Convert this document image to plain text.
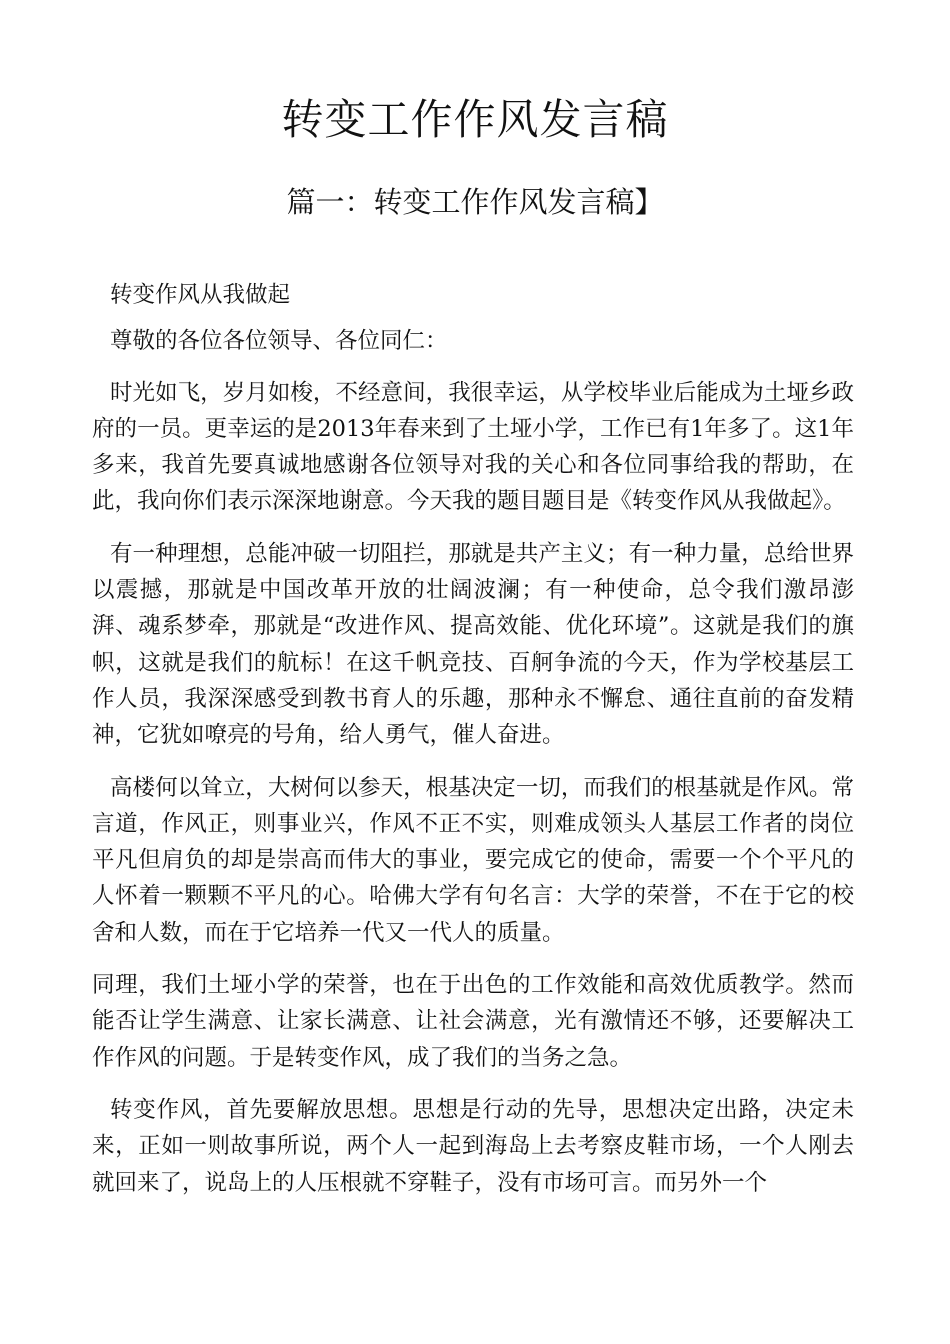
转变工作作风发言稿
篇一：转变工作作风发言稿】

转变作风从我做起

尊敬的各位各位领导、各位同仁：

时光如飞，岁月如梭，不经意间，我很幸运，从学校毕业后能成为土垭乡政府的一员。更幸运的是2013年春来到了土垭小学，工作已有1年多了。这1年多来，我首先要真诚地感谢各位领导对我的关心和各位同事给我的帮助，在此，我向你们表示深深地谢意。今天我的题目题目是《转变作风从我做起》。

有一种理想，总能冲破一切阻拦，那就是共产主义；有一种力量，总给世界以震撼，那就是中国改革开放的壮阔波澜；有一种使命，总令我们激昂澎湃、魂系梦牵，那就是“改进作风、提高效能、优化环境”。这就是我们的旗帜，这就是我们的航标！在这千帆竞技、百舸争流的今天，作为学校基层工作人员，我深深感受到教书育人的乐趣，那种永不懈怠、通往直前的奋发精神，它犹如嘹亮的号角，给人勇气，催人奋进。

高楼何以耸立，大树何以参天，根基决定一切，而我们的根基就是作风。常言道，作风正，则事业兴，作风不正不实，则难成领头人基层工作者的岗位平凡但肩负的却是崇高而伟大的事业，要完成它的使命，需要一个个平凡的人怀着一颗颗不平凡的心。哈佛大学有句名言：大学的荣誉，不在于它的校舍和人数，而在于它培养一代又一代人的质量。

同理，我们土垭小学的荣誉，也在于出色的工作效能和高效优质教学。然而能否让学生满意、让家长满意、让社会满意，光有激情还不够，还要解决工作作风的问题。于是转变作风，成了我们的当务之急。

转变作风，首先要解放思想。思想是行动的先导，思想决定出路，决定未来，正如一则故事所说，两个人一起到海岛上去考察皮鞋市场，一个人刚去就回来了，说岛上的人压根就不穿鞋子，没有市场可言。而另外一个
